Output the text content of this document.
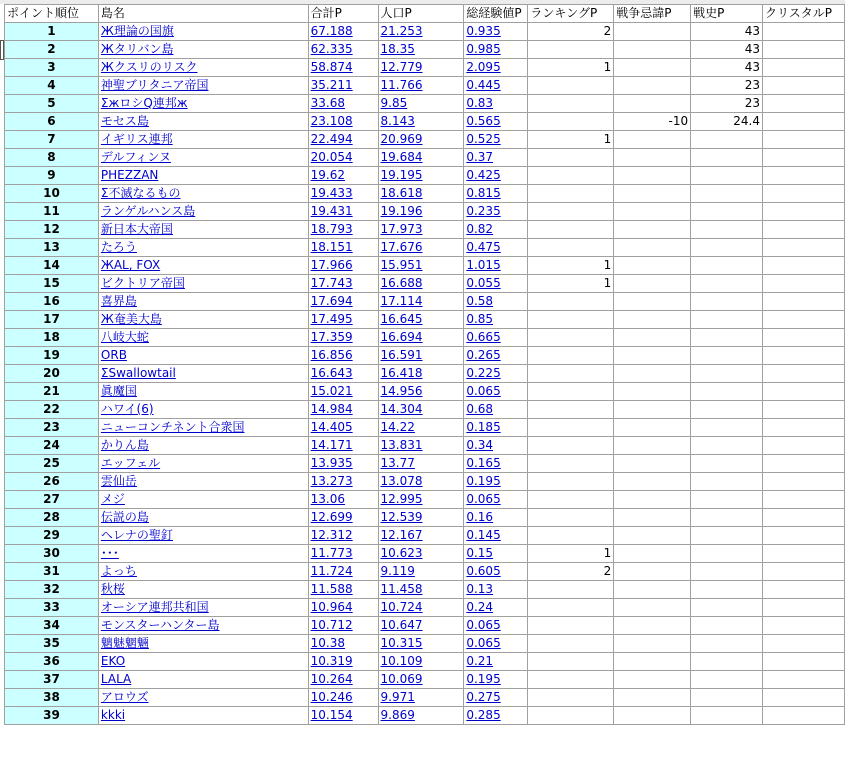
ポイント順位	島名	合計P	人口P	総経験値P	ランキングP	戦争忌諱P	戦史P	クリスタルP
1	Ж理論の国旗	67.188	21.253	0.935	2		43	
2	Жタリバン島	62.335	18.35	0.985			43	
3	Жクスリのリスク	58.874	12.779	2.095	1		43	
4	神聖ブリタニア帝国	35.211	11.766	0.445			23	
5	ΣжロシQ連邦ж	33.68	9.85	0.83			23	
6	モセス島	23.108	8.143	0.565		-10	24.4	
7	イギリス連邦	22.494	20.969	0.525	1			
8	デルフィンヌ	20.054	19.684	0.37				
9	PHEZZAN	19.62	19.195	0.425				
10	Σ不滅なるもの	19.433	18.618	0.815				
11	ランゲルハンス島	19.431	19.196	0.235				
12	新日本大帝国	18.793	17.973	0.82				
13	たろう	18.151	17.676	0.475				
14	ЖAL, FOX	17.966	15.951	1.015	1			
15	ビクトリア帝国	17.743	16.688	0.055	1			
16	喜界島	17.694	17.114	0.58				
17	Ж奄美大島	17.495	16.645	0.85				
18	八岐大蛇	17.359	16.694	0.665				
19	ORB	16.856	16.591	0.265				
20	ΣSwallowtail	16.643	16.418	0.225				
21	眞魔国	15.021	14.956	0.065				
22	ハワイ(6)	14.984	14.304	0.68				
23	ニューコンチネント合衆国	14.405	14.22	0.185				
24	かりん島	14.171	13.831	0.34				
25	エッフェル	13.935	13.77	0.165				
26	雲仙岳	13.273	13.078	0.195				
27	メジ	13.06	12.995	0.065				
28	伝説の島	12.699	12.539	0.16				
29	ヘレナの聖釘	12.312	12.167	0.145				
30	･･･	11.773	10.623	0.15	1			
31	よっち	11.724	9.119	0.605	2			
32	秋桜	11.588	11.458	0.13				
33	オーシア連邦共和国	10.964	10.724	0.24				
34	モンスターハンター島	10.712	10.647	0.065				
35	魑魅魍魎	10.38	10.315	0.065				
36	EKO	10.319	10.109	0.21				
37	LALA	10.264	10.069	0.195				
38	アロウズ	10.246	9.971	0.275				
39	kkki	10.154	9.869	0.285				
